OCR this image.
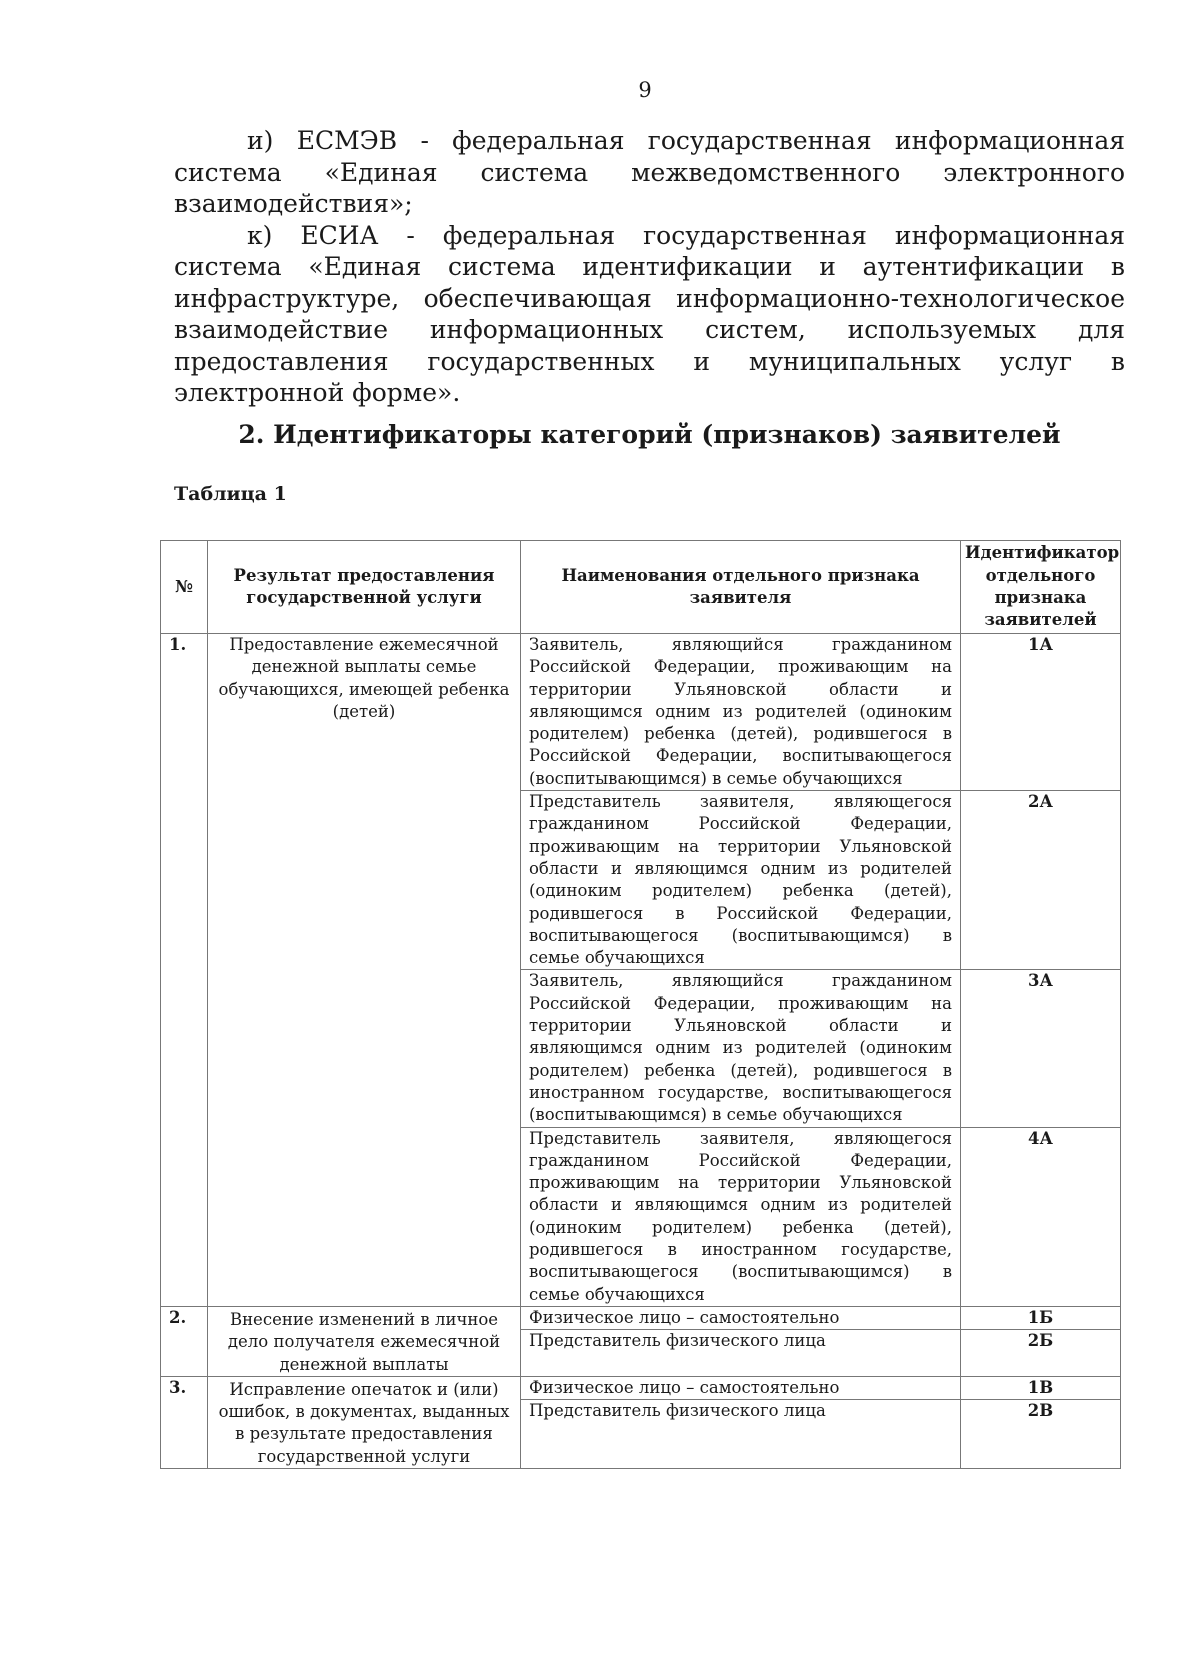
9

и) ЕСМЭВ - федеральная государственная информационная система «Единая система межведомственного электронного взаимодействия»;

к) ЕСИА - федеральная государственная информационная система «Единая система идентификации и аутентификации в инфраструктуре, обеспечивающая информационно-технологическое взаимодействие информационных систем, используемых для предоставления государственных и муниципальных услуг в электронной форме».

2. Идентификаторы категорий (признаков) заявителей
Таблица 1
№	Результат предоставления государственной услуги	Наименования отдельного признака заявителя	Идентификатор отдельного признака заявителей
1.	Предоставление ежемесячной денежной выплаты семье обучающихся, имеющей ребенка (детей)	Заявитель, являющийся гражданином Российской Федерации, проживающим на территории Ульяновской области и являющимся одним из родителей (одиноким родителем) ребенка (детей), родившегося в Российской Федерации, воспитывающегося (воспитывающимся) в семье обучающихся	1А
		Представитель заявителя, являющегося гражданином Российской Федерации, проживающим на территории Ульяновской области и являющимся одним из родителей (одиноким родителем) ребенка (детей), родившегося в Российской Федерации, воспитывающегося (воспитывающимся) в семье обучающихся	2А
		Заявитель, являющийся гражданином Российской Федерации, проживающим на территории Ульяновской области и являющимся одним из родителей (одиноким родителем) ребенка (детей), родившегося в иностранном государстве, воспитывающегося (воспитывающимся) в семье обучающихся	3А
		Представитель заявителя, являющегося гражданином Российской Федерации, проживающим на территории Ульяновской области и являющимся одним из родителей (одиноким родителем) ребенка (детей), родившегося в иностранном государстве, воспитывающегося (воспитывающимся) в семье обучающихся	4А
2.	Внесение изменений в личное дело получателя ежемесячной денежной выплаты	Физическое лицо – самостоятельно	1Б
		Представитель физического лица	2Б
3.	Исправление опечаток и (или) ошибок, в документах, выданных в результате предоставления государственной услуги	Физическое лицо – самостоятельно	1В
		Представитель физического лица	2В
